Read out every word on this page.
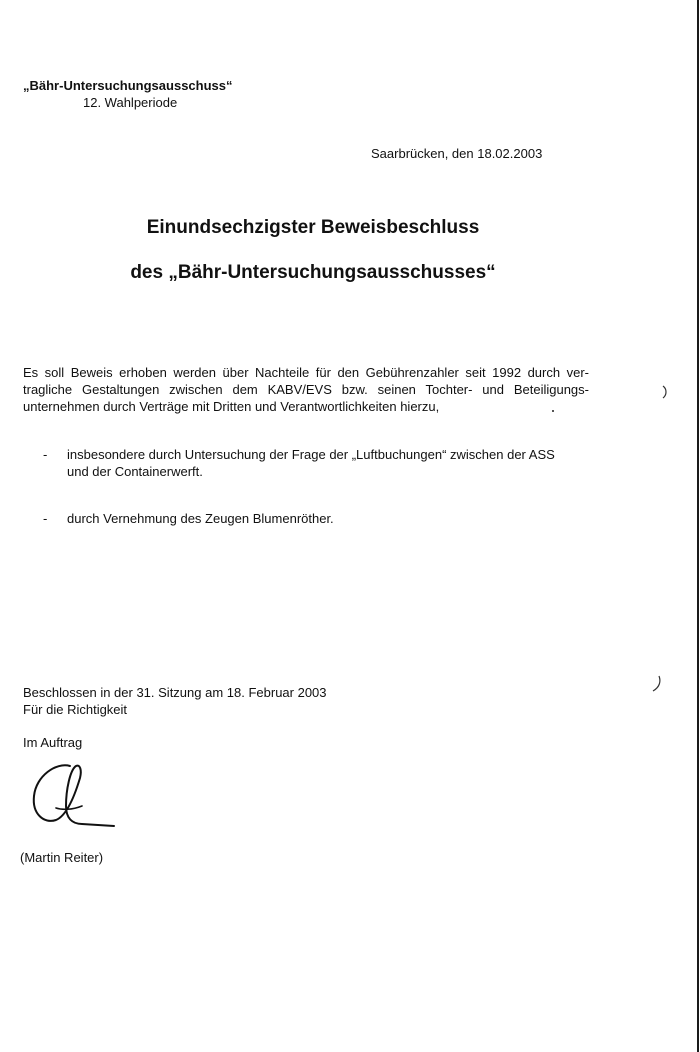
„Bähr-Untersuchungsausschuss“
12. Wahlperiode
Saarbrücken, den 18.02.2003
Einundsechzigster Beweisbeschluss
des „Bähr-Untersuchungsausschusses“
Es soll Beweis erhoben werden über Nachteile für den Gebührenzahler seit 1992 durch ver-
tragliche Gestaltungen zwischen dem KABV/EVS bzw. seinen Tochter- und Beteiligungs-
unternehmen durch Verträge mit Dritten und Verantwortlichkeiten hierzu,
- insbesondere durch Untersuchung der Frage der „Luftbuchungen“ zwischen der ASS
und der Containerwerft.
- durch Vernehmung des Zeugen Blumenröther.
Beschlossen in der 31. Sitzung am 18. Februar 2003
Für die Richtigkeit
Im Auftrag
(Martin Reiter)
